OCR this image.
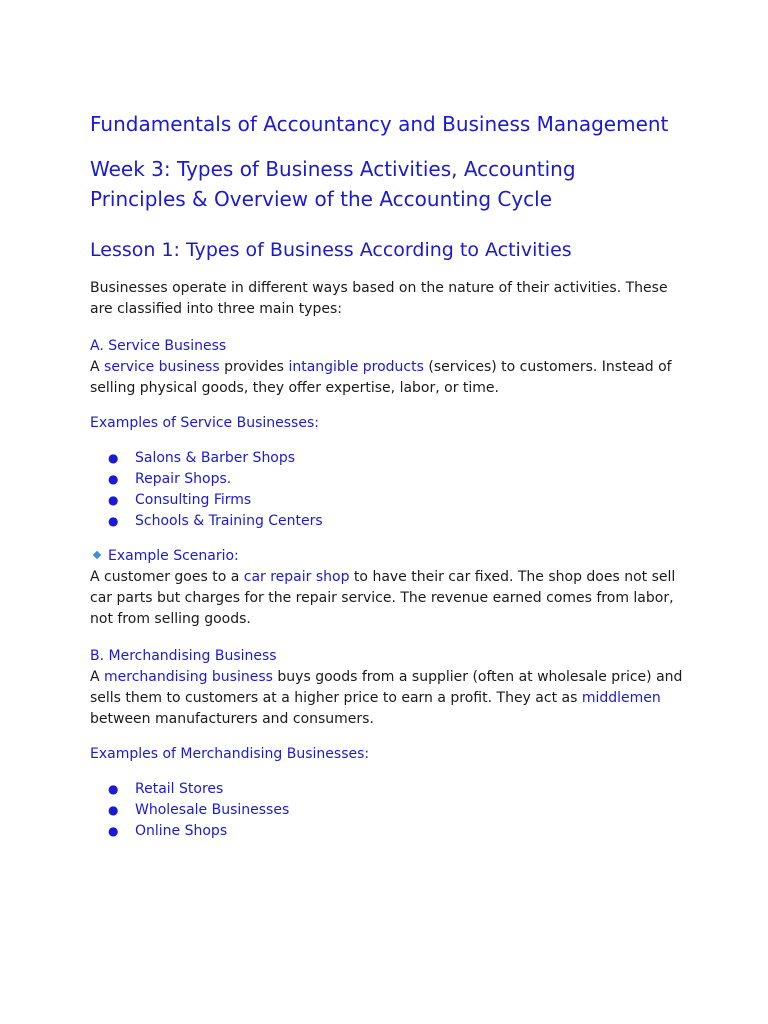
Fundamentals of Accountancy and Business Management
Week 3: Types of Business Activities, Accounting
Principles & Overview of the Accounting Cycle
Lesson 1: Types of Business According to Activities

Businesses operate in different ways based on the nature of their activities. These are classified into three main types:

A. Service Business

A service business provides intangible products (services) to customers. Instead of selling physical goods, they offer expertise, labor, or time.

Examples of Service Businesses:
● Salons & Barber Shops
● Repair Shops.
● Consulting Firms
● Schools & Training Centers
Example Scenario:

A customer goes to a car repair shop to have their car fixed. The shop does not sell car parts but charges for the repair service. The revenue earned comes from labor, not from selling goods.

B. Merchandising Business

A merchandising business buys goods from a supplier (often at wholesale price) and sells them to customers at a higher price to earn a profit. They act as middlemen between manufacturers and consumers.

Examples of Merchandising Businesses:
● Retail Stores
● Wholesale Businesses
● Online Shops
